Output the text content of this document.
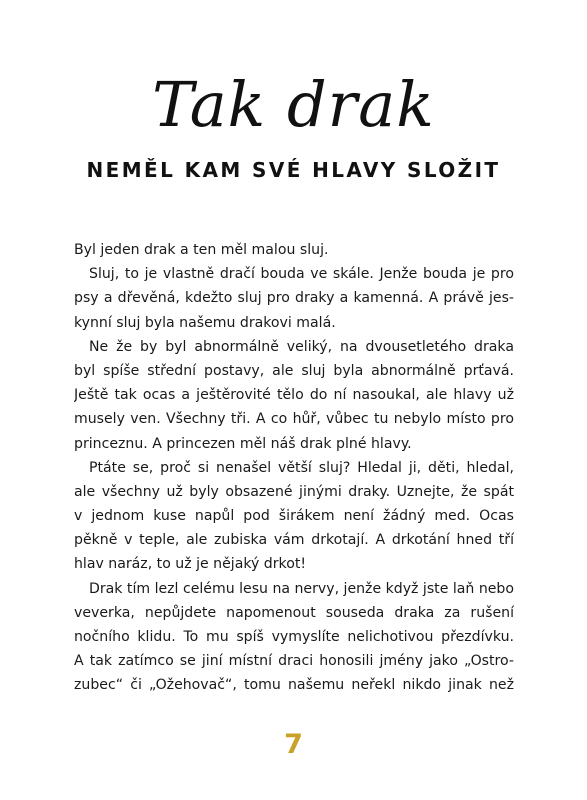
Tak drak
NEMĚL KAM SVÉ HLAVY SLOŽIT
Byl jeden drak a ten měl malou sluj.
Sluj, to je vlastně dračí bouda ve skále. Jenže bouda je pro
psy a dřevěná, kdežto sluj pro draky a kamenná. A právě jes-
kynní sluj byla našemu drakovi malá.
Ne že by byl abnormálně veliký, na dvousetletého draka
byl spíše střední postavy, ale sluj byla abnormálně prťavá.
Ještě tak ocas a ještěrovité tělo do ní nasoukal, ale hlavy už
musely ven. Všechny tři. A co hůř, vůbec tu nebylo místo pro
princeznu. A princezen měl náš drak plné hlavy.
Ptáte se, proč si nenašel větší sluj? Hledal ji, děti, hledal,
ale všechny už byly obsazené jinými draky. Uznejte, že spát
v jednom kuse napůl pod širákem není žádný med. Ocas
pěkně v teple, ale zubiska vám drkotají. A drkotání hned tří
hlav naráz, to už je nějaký drkot!
Drak tím lezl celému lesu na nervy, jenže když jste laň nebo
veverka, nepůjdete napomenout souseda draka za rušení
nočního klidu. To mu spíš vymyslíte nelichotivou přezdívku.
A tak zatímco se jiní místní draci honosili jmény jako „Ostro-
zubec“ či „Ožehovač“, tomu našemu neřekl nikdo jinak než
7
